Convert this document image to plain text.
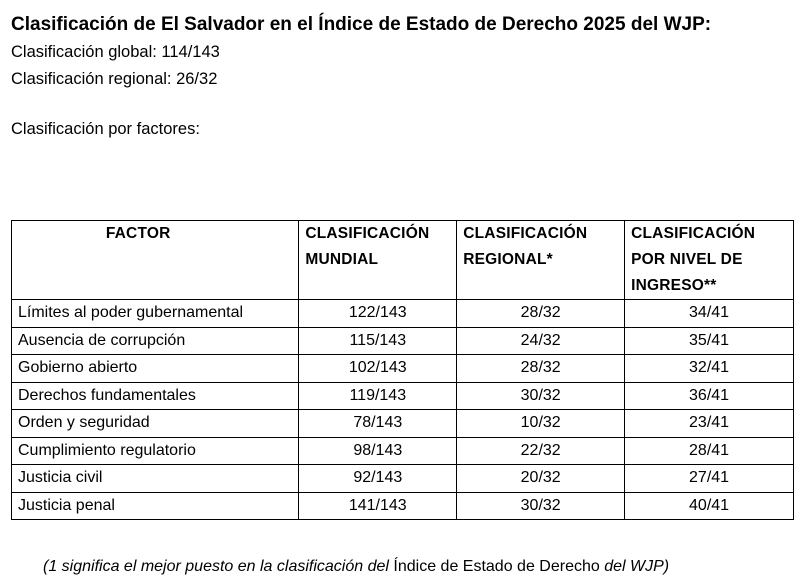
Clasificación de El Salvador en el Índice de Estado de Derecho 2025 del WJP:

Clasificación global: 114/143

Clasificación regional: 26/32

Clasificación por factores:

FACTOR	CLASIFICACIÓN MUNDIAL	CLASIFICACIÓN REGIONAL*	CLASIFICACIÓN POR NIVEL DE INGRESO**
Límites al poder gubernamental	122/143	28/32	34/41
Ausencia de corrupción	115/143	24/32	35/41
Gobierno abierto	102/143	28/32	32/41
Derechos fundamentales	119/143	30/32	36/41
Orden y seguridad	78/143	10/32	23/41
Cumplimiento regulatorio	98/143	22/32	28/41
Justicia civil	92/143	20/32	27/41
Justicia penal	141/143	30/32	40/41
(1 significa el mejor puesto en la clasificación del Índice de Estado de Derecho del WJP)
